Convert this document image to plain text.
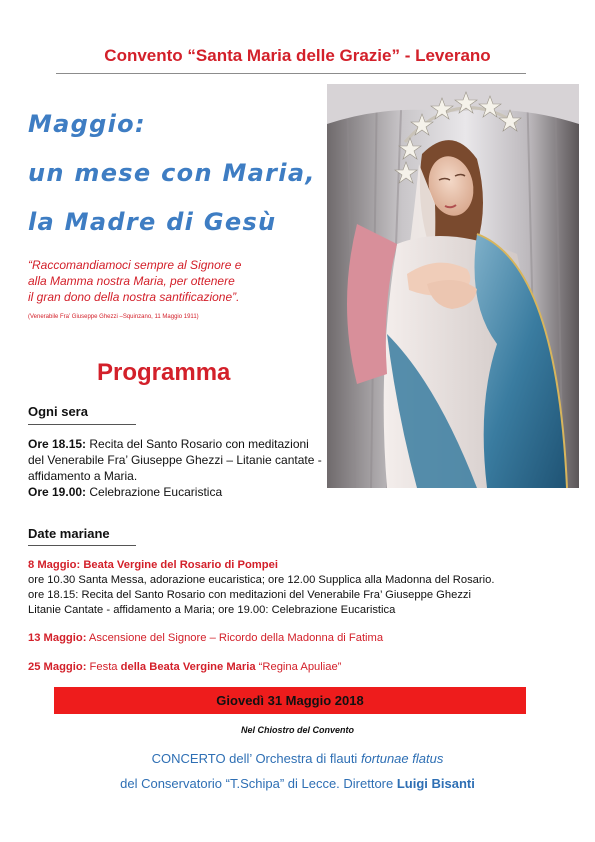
Convento “Santa Maria delle Grazie” - Leverano
Maggio:
un mese con Maria,
la Madre di Gesù
“Raccomandiamoci sempre al Signore e
alla Mamma nostra Maria, per ottenere
il gran dono della nostra santificazione”.
(Venerabile Fra’ Giuseppe Ghezzi –Squinzano, 11 Maggio 1911)
Programma
Ogni sera
Ore 18.15: Recita del Santo Rosario con meditazioni
del Venerabile Fra’ Giuseppe Ghezzi – Litanie cantate -
affidamento a Maria.
Ore 19.00: Celebrazione Eucaristica
Date mariane
8 Maggio: Beata Vergine del Rosario di Pompei
ore 10.30 Santa Messa, adorazione eucaristica; ore 12.00 Supplica alla Madonna del Rosario.
ore 18.15: Recita del Santo Rosario con meditazioni del Venerabile Fra’ Giuseppe Ghezzi
Litanie Cantate - affidamento a Maria; ore 19.00: Celebrazione Eucaristica
13 Maggio: Ascensione del Signore – Ricordo della Madonna di Fatima
25 Maggio: Festa della Beata Vergine Maria “Regina Apuliae”
Giovedì 31 Maggio 2018
Nel Chiostro del Convento
CONCERTO dell’ Orchestra di flauti fortunae flatus
del Conservatorio “T.Schipa” di Lecce. Direttore Luigi Bisanti
